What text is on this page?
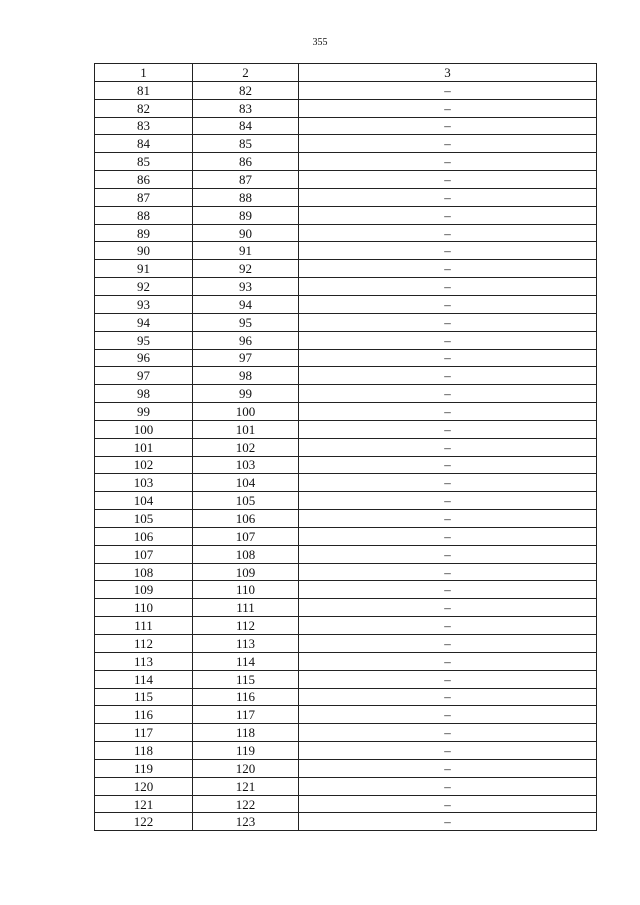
355
1	2	3
81	82	–
82	83	–
83	84	–
84	85	–
85	86	–
86	87	–
87	88	–
88	89	–
89	90	–
90	91	–
91	92	–
92	93	–
93	94	–
94	95	–
95	96	–
96	97	–
97	98	–
98	99	–
99	100	–
100	101	–
101	102	–
102	103	–
103	104	–
104	105	–
105	106	–
106	107	–
107	108	–
108	109	–
109	110	–
110	111	–
111	112	–
112	113	–
113	114	–
114	115	–
115	116	–
116	117	–
117	118	–
118	119	–
119	120	–
120	121	–
121	122	–
122	123	–
